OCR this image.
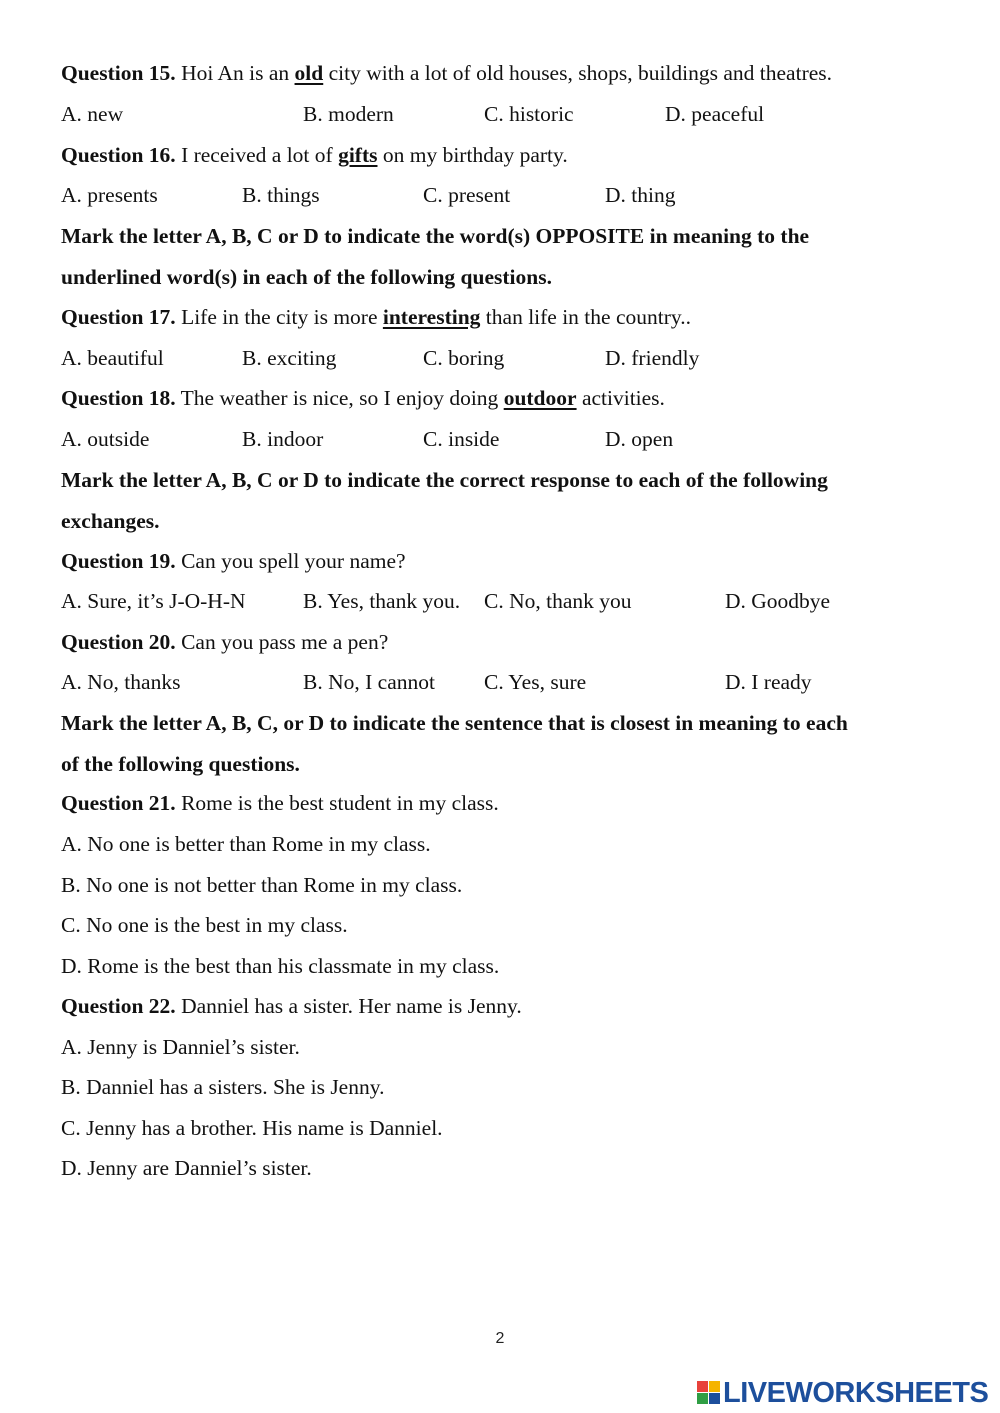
Question 15. Hoi An is an old city with a lot of old houses, shops, buildings and theatres.
A. new	B. modern	C. historic	D. peaceful
Question 16. I received a lot of gifts on my birthday party.
A. presents	B. things	C. present	D. thing
Mark the letter A, B, C or D to indicate the word(s) OPPOSITE in meaning to the
underlined word(s) in each of the following questions.
Question 17. Life in the city is more interesting than life in the country..
A. beautiful	B. exciting	C. boring	D. friendly
Question 18. The weather is nice, so I enjoy doing outdoor activities.
A. outside	B. indoor	C. inside	D. open
Mark the letter A, B, C or D to indicate the correct response to each of the following
exchanges.
Question 19. Can you spell your name?
A. Sure, it’s J-O-H-N	B. Yes, thank you. C. No, thank you	D. Goodbye
Question 20. Can you pass me a pen?
A. No, thanks	B. No, I cannot C. Yes, sure	D. I ready
Mark the letter A, B, C, or D to indicate the sentence that is closest in meaning to each
of the following questions.
Question 21. Rome is the best student in my class.
A. No one is better than Rome in my class.
B. No one is not better than Rome in my class.
C. No one is the best in my class.
D. Rome is the best than his classmate in my class.
Question 22. Danniel has a sister. Her name is Jenny.
A. Jenny is Danniel’s sister.
B. Danniel has a sisters. She is Jenny.
C. Jenny has a brother. His name is Danniel.
D. Jenny are Danniel’s sister.
2
LIVEWORKSHEETS
